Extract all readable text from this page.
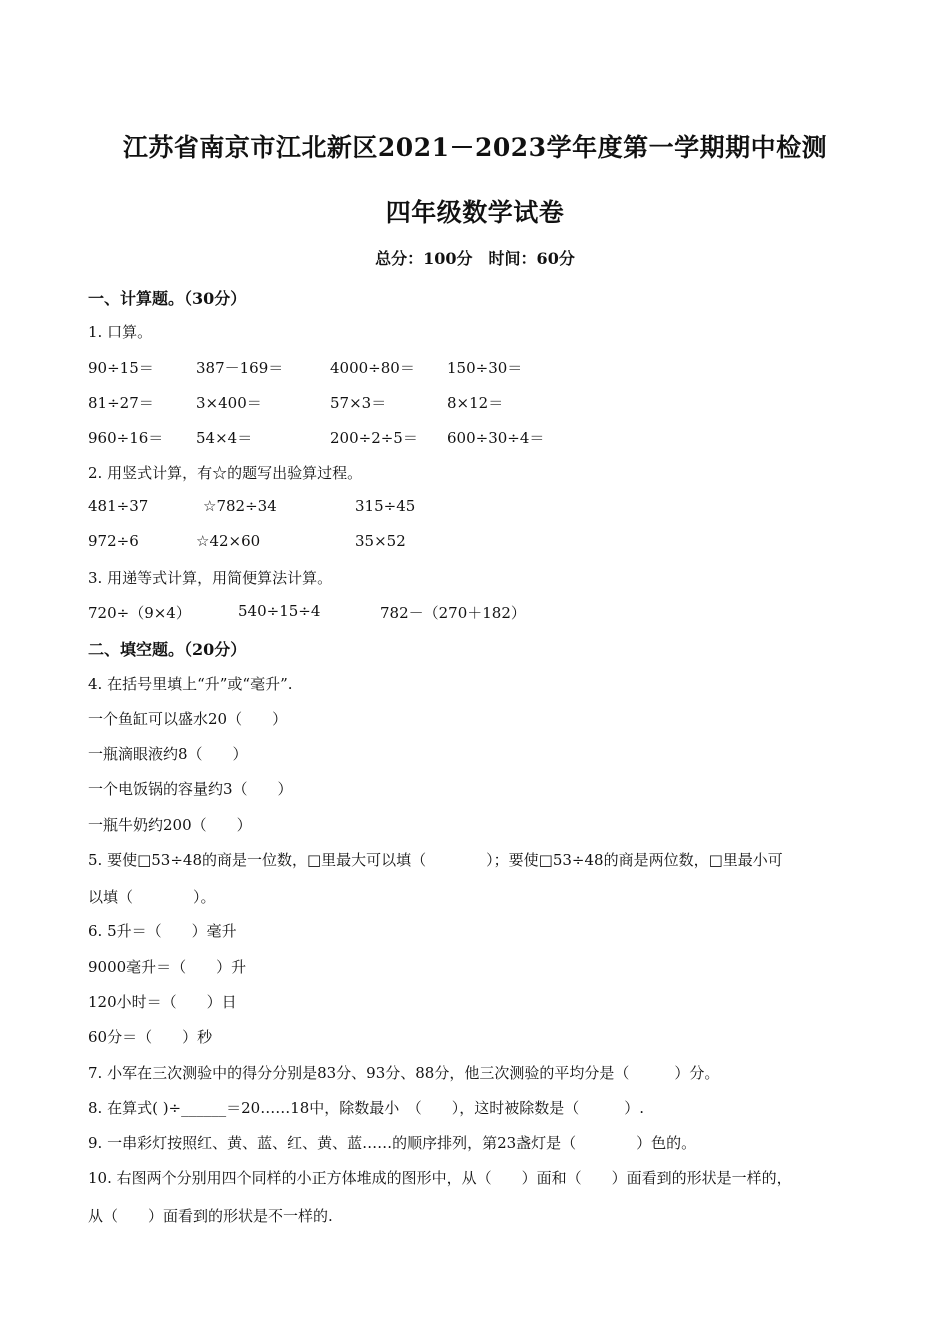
江苏省南京市江北新区2021－2023学年度第一学期期中检测
四年级数学试卷
总分：100分　时间：60分
一、计算题。（30分）
1. 口算。
90÷15＝	387－169＝	4000÷80＝ 150÷30＝
81÷27＝	3×400＝	57×3＝	8×12＝
960÷16＝ 54×4＝	200÷2÷5＝ 600÷30÷4＝
2. 用竖式计算，有☆的题写出验算过程。
481÷37	☆782÷34	315÷45
972÷6	☆42×60	35×52
3. 用递等式计算，用简便算法计算。
720÷（9×4）	540÷15÷4	782－（270＋182）
二、填空题。（20分）
4. 在括号里填上“升”或“毫升”.
一个鱼缸可以盛水20（　　）
一瓶滴眼液约8（　　）
一个电饭锅的容量约3（　　）
一瓶牛奶约200（　　）
5. 要使□53÷48的商是一位数，□里最大可以填（　　　　）；要使□53÷48的商是两位数，□里最小可
以填（　　　　）。
6. 5升＝（　　）毫升
9000毫升＝（　　）升
120小时＝（　　）日
60分＝（　　）秒
7. 小军在三次测验中的得分分别是83分、93分、88分，他三次测验的平均分是（　　　）分。
8. 在算式( )÷______＝20……18中，除数最小　（　　），这时被除数是（　　　）.
9. 一串彩灯按照红、黄、蓝、红、黄、蓝……的顺序排列，第23盏灯是（　　　　）色的。
10. 右图两个分别用四个同样的小正方体堆成的图形中，从（　　）面和（　　）面看到的形状是一样的，
从（　　）面看到的形状是不一样的.
